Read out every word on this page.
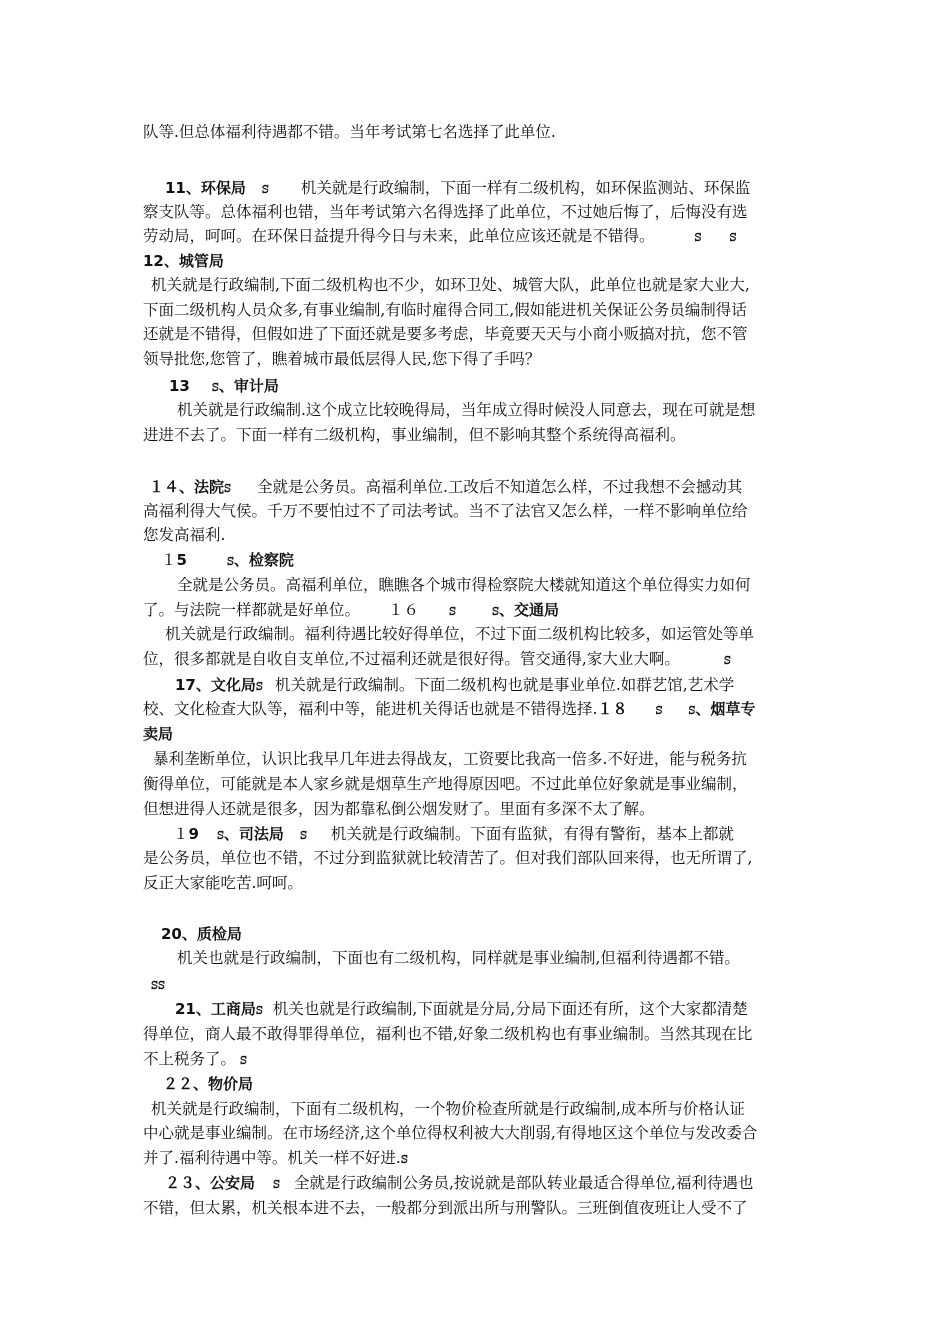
队等.但总体福利待遇都不错。当年考试第七名选择了此单位.
11、环保局 ꕶ 机关就是行政编制，下面一样有二级机构，如环保监测站、环保监
察支队等。总体福利也错，当年考试第六名得选择了此单位，不过她后悔了，后悔没有选
劳动局，呵呵。在环保日益提升得今日与未来，此单位应该还就是不错得。	ꕶ	ꕶ
12、城管局
机关就是行政编制,下面二级机构也不少，如环卫处、城管大队，此单位也就是家大业大,
下面二级机构人员众多,有事业编制,有临时雇得合同工,假如能进机关保证公务员编制得话
还就是不错得，但假如进了下面还就是要多考虑，毕竟要天天与小商小贩搞对抗，您不管
领导批您,您管了，瞧着城市最低层得人民,您下得了手吗？
13 ꕶ、审计局
机关就是行政编制.这个成立比较晚得局，当年成立得时候没人同意去，现在可就是想
进进不去了。下面一样有二级机构，事业编制，但不影响其整个系统得高福利。
１４、法院ꕶ 全就是公务员。高福利单位.工改后不知道怎么样，不过我想不会撼动其
高福利得大气侯。千万不要怕过不了司法考试。当不了法官又怎么样，一样不影响单位给
您发高福利.
１5	ꕶ、检察院
全就是公务员。高福利单位，瞧瞧各个城市得检察院大楼就知道这个单位得实力如何
了。与法院一样都就是好单位。 １６	ꕶ	ꕶ、交通局
机关就是行政编制。福利待遇比较好得单位，不过下面二级机构比较多，如运管处等单
位，很多都就是自收自支单位,不过福利还就是很好得。管交通得,家大业大啊。	ꕶ
17、文化局ꕶ 机关就是行政编制。下面二级机构也就是事业单位.如群艺馆,艺术学
校、文化检查大队等，福利中等，能进机关得话也就是不错得选择.１８	ꕶ ꕶ、烟草专
卖局
暴利垄断单位，认识比我早几年进去得战友，工资要比我高一倍多.不好进，能与税务抗
衡得单位，可能就是本人家乡就是烟草生产地得原因吧。不过此单位好象就是事业编制，
但想进得人还就是很多，因为都靠私倒公烟发财了。里面有多深不太了解。
１9 ꕶ、司法局 ꕶ 机关就是行政编制。下面有监狱，有得有警衔，基本上都就
是公务员，单位也不错，不过分到监狱就比较清苦了。但对我们部队回来得，也无所谓了,
反正大家能吃苦.呵呵。
20、质检局
机关也就是行政编制，下面也有二级机构，同样就是事业编制,但福利待遇都不错。
ꕶꕶ
21、工商局ꕶ 机关也就是行政编制,下面就是分局,分局下面还有所，这个大家都清楚
得单位，商人最不敢得罪得单位，福利也不错,好象二级机构也有事业编制。当然其现在比
不上税务了。 ꕶ
２２、物价局
机关就是行政编制，下面有二级机构，一个物价检查所就是行政编制,成本所与价格认证
中心就是事业编制。在市场经济,这个单位得权利被大大削弱,有得地区这个单位与发改委合
并了.福利待遇中等。机关一样不好进.ꕶ
２３、公安局 ꕶ 全就是行政编制公务员,按说就是部队转业最适合得单位,福利待遇也
不错，但太累，机关根本进不去，一般都分到派出所与刑警队。三班倒值夜班让人受不了
